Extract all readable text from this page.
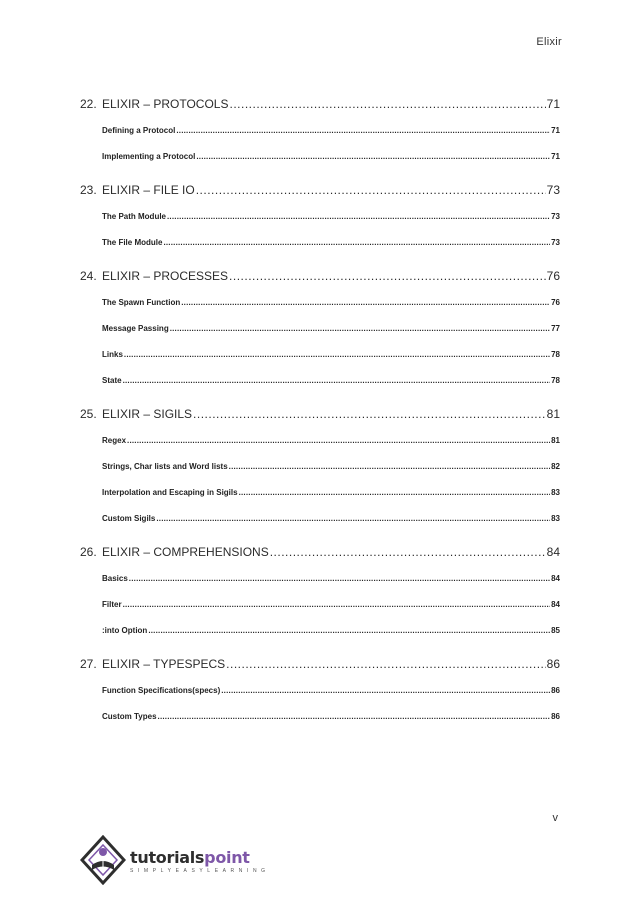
Elixir
22. ELIXIR – PROTOCOLS .....	71
Defining a Protocol .....	71
Implementing a Protocol .....	71
23. ELIXIR – FILE IO .....	73
The Path Module .....	73
The File Module .....	73
24. ELIXIR – PROCESSES .....	76
The Spawn Function .....	76
Message Passing .....	77
Links .....	78
State .....	78
25. ELIXIR – SIGILS .....	81
Regex .....	81
Strings, Char lists and Word lists .....	82
Interpolation and Escaping in Sigils .....	83
Custom Sigils .....	83
26. ELIXIR – COMPREHENSIONS .....	84
Basics .....	84
Filter .....	84
:into Option .....	85
27. ELIXIR – TYPESPECS .....	86
Function Specifications(specs) .....	86
Custom Types .....	86
v
tutorialspoint
SIMPLYEASYLEARNING
